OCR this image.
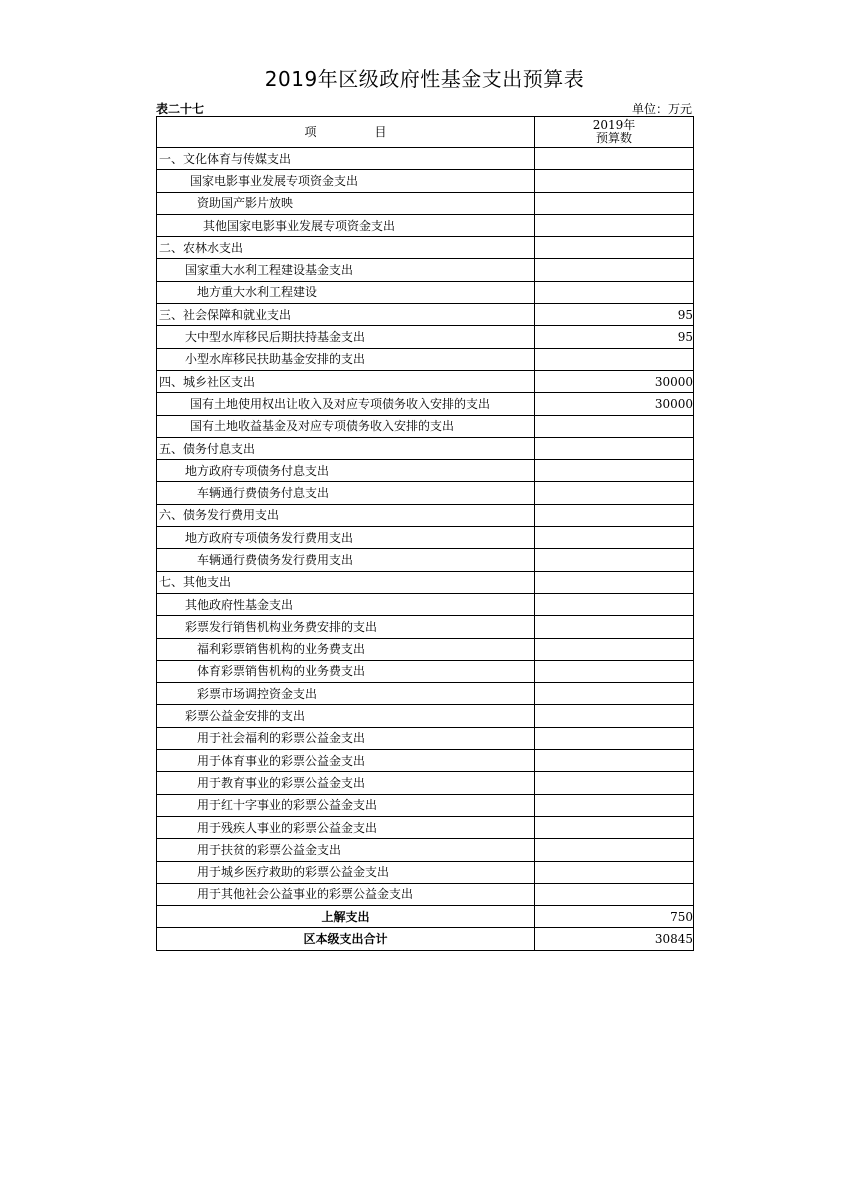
2019年区级政府性基金支出预算表
表二十七	单位：万元
项 目	2019年
预算数

一、文化体育与传媒支出	
国家电影事业发展专项资金支出	
资助国产影片放映	
其他国家电影事业发展专项资金支出	
二、农林水支出	
国家重大水利工程建设基金支出	
地方重大水利工程建设	
三、社会保障和就业支出	95
大中型水库移民后期扶持基金支出	95
小型水库移民扶助基金安排的支出	
四、城乡社区支出	30000
国有土地使用权出让收入及对应专项债务收入安排的支出	30000
国有土地收益基金及对应专项债务收入安排的支出	
五、债务付息支出	
地方政府专项债务付息支出	
车辆通行费债务付息支出	
六、债务发行费用支出	
地方政府专项债务发行费用支出	
车辆通行费债务发行费用支出	
七、其他支出	
其他政府性基金支出	
彩票发行销售机构业务费安排的支出	
福利彩票销售机构的业务费支出	
体育彩票销售机构的业务费支出	
彩票市场调控资金支出	
彩票公益金安排的支出	
用于社会福利的彩票公益金支出	
用于体育事业的彩票公益金支出	
用于教育事业的彩票公益金支出	
用于红十字事业的彩票公益金支出	
用于残疾人事业的彩票公益金支出	
用于扶贫的彩票公益金支出	
用于城乡医疗救助的彩票公益金支出	
用于其他社会公益事业的彩票公益金支出	

上解支出	750

区本级支出合计	30845
